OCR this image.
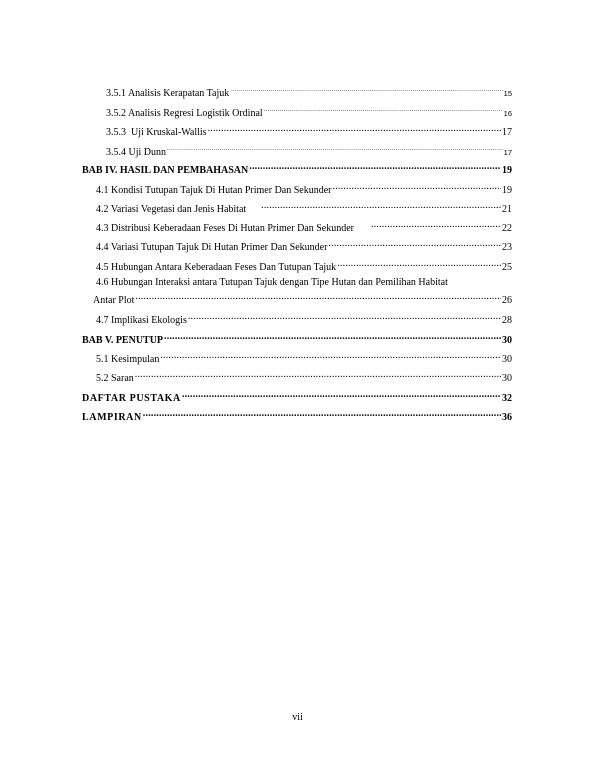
3.5.1 Analisis Kerapatan Tajuk .....	15
3.5.2 Analisis Regresi Logistik Ordinal .....	16
3.5.3  Uji Kruskal-Wallis .....	17
3.5.4 Uji Dunn .....	17
BAB IV. HASIL DAN PEMBAHASAN .....	19
4.1 Kondisi Tutupan Tajuk Di Hutan Primer Dan Sekunder .....	19
4.2 Variasi Vegetasi dan Jenis Habitat .....	21
4.3 Distribusi Keberadaan Feses Di Hutan Primer Dan Sekunder .....	22
4.4 Variasi Tutupan Tajuk Di Hutan Primer Dan Sekunder .....	23
4.5 Hubungan Antara Keberadaan Feses Dan Tutupan Tajuk .....	25
4.6 Hubungan Interaksi antara Tutupan Tajuk dengan Tipe Hutan dan Pemilihan Habitat
Antar Plot .....	26
4.7 Implikasi Ekologis .....	28
BAB V. PENUTUP .....	30
5.1 Kesimpulan .....	30
5.2 Saran .....	30
DAFTAR PUSTAKA .....	32
LAMPIRAN .....	36
vii
